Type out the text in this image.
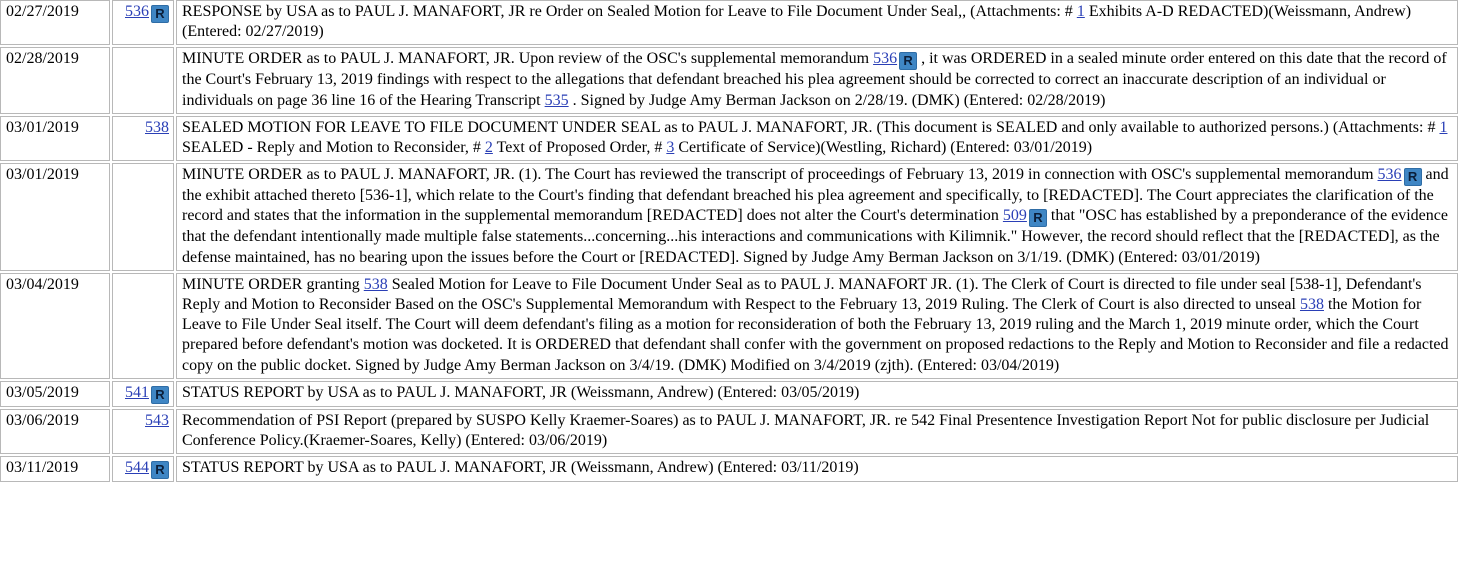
02/27/2019	536 R	RESPONSE by USA as to PAUL J. MANAFORT, JR re Order on Sealed Motion for Leave to File Document Under Seal,, (Attachments: # 1 Exhibits A-D REDACTED)(Weissmann, Andrew) (Entered: 02/27/2019)
02/28/2019		MINUTE ORDER as to PAUL J. MANAFORT, JR. Upon review of the OSC's supplemental memorandum 536 R , it was ORDERED in a sealed minute order entered on this date that the record of the Court's February 13, 2019 findings with respect to the allegations that defendant breached his plea agreement should be corrected to correct an inaccurate description of an individual or individuals on page 36 line 16 of the Hearing Transcript 535 . Signed by Judge Amy Berman Jackson on 2/28/19. (DMK) (Entered: 02/28/2019)
03/01/2019	538	SEALED MOTION FOR LEAVE TO FILE DOCUMENT UNDER SEAL as to PAUL J. MANAFORT, JR. (This document is SEALED and only available to authorized persons.) (Attachments: # 1 SEALED - Reply and Motion to Reconsider, # 2 Text of Proposed Order, # 3 Certificate of Service)(Westling, Richard) (Entered: 03/01/2019)
03/01/2019		MINUTE ORDER as to PAUL J. MANAFORT, JR. (1). The Court has reviewed the transcript of proceedings of February 13, 2019 in connection with OSC's supplemental memorandum 536 R and the exhibit attached thereto [536-1], which relate to the Court's finding that defendant breached his plea agreement and specifically, to [REDACTED]. The Court appreciates the clarification of the record and states that the information in the supplemental memorandum [REDACTED] does not alter the Court's determination 509 R that "OSC has established by a preponderance of the evidence that the defendant intentionally made multiple false statements...concerning...his interactions and communications with Kilimnik." However, the record should reflect that the [REDACTED], as the defense maintained, has no bearing upon the issues before the Court or [REDACTED]. Signed by Judge Amy Berman Jackson on 3/1/19. (DMK) (Entered: 03/01/2019)
03/04/2019		MINUTE ORDER granting 538 Sealed Motion for Leave to File Document Under Seal as to PAUL J. MANAFORT JR. (1). The Clerk of Court is directed to file under seal [538-1], Defendant's Reply and Motion to Reconsider Based on the OSC's Supplemental Memorandum with Respect to the February 13, 2019 Ruling. The Clerk of Court is also directed to unseal 538 the Motion for Leave to File Under Seal itself. The Court will deem defendant's filing as a motion for reconsideration of both the February 13, 2019 ruling and the March 1, 2019 minute order, which the Court prepared before defendant's motion was docketed. It is ORDERED that defendant shall confer with the government on proposed redactions to the Reply and Motion to Reconsider and file a redacted copy on the public docket. Signed by Judge Amy Berman Jackson on 3/4/19. (DMK) Modified on 3/4/2019 (zjth). (Entered: 03/04/2019)
03/05/2019	541 R	STATUS REPORT by USA as to PAUL J. MANAFORT, JR (Weissmann, Andrew) (Entered: 03/05/2019)
03/06/2019	543	Recommendation of PSI Report (prepared by SUSPO Kelly Kraemer-Soares) as to PAUL J. MANAFORT, JR. re 542 Final Presentence Investigation Report Not for public disclosure per Judicial Conference Policy.(Kraemer-Soares, Kelly) (Entered: 03/06/2019)
03/11/2019	544 R	STATUS REPORT by USA as to PAUL J. MANAFORT, JR (Weissmann, Andrew) (Entered: 03/11/2019)
